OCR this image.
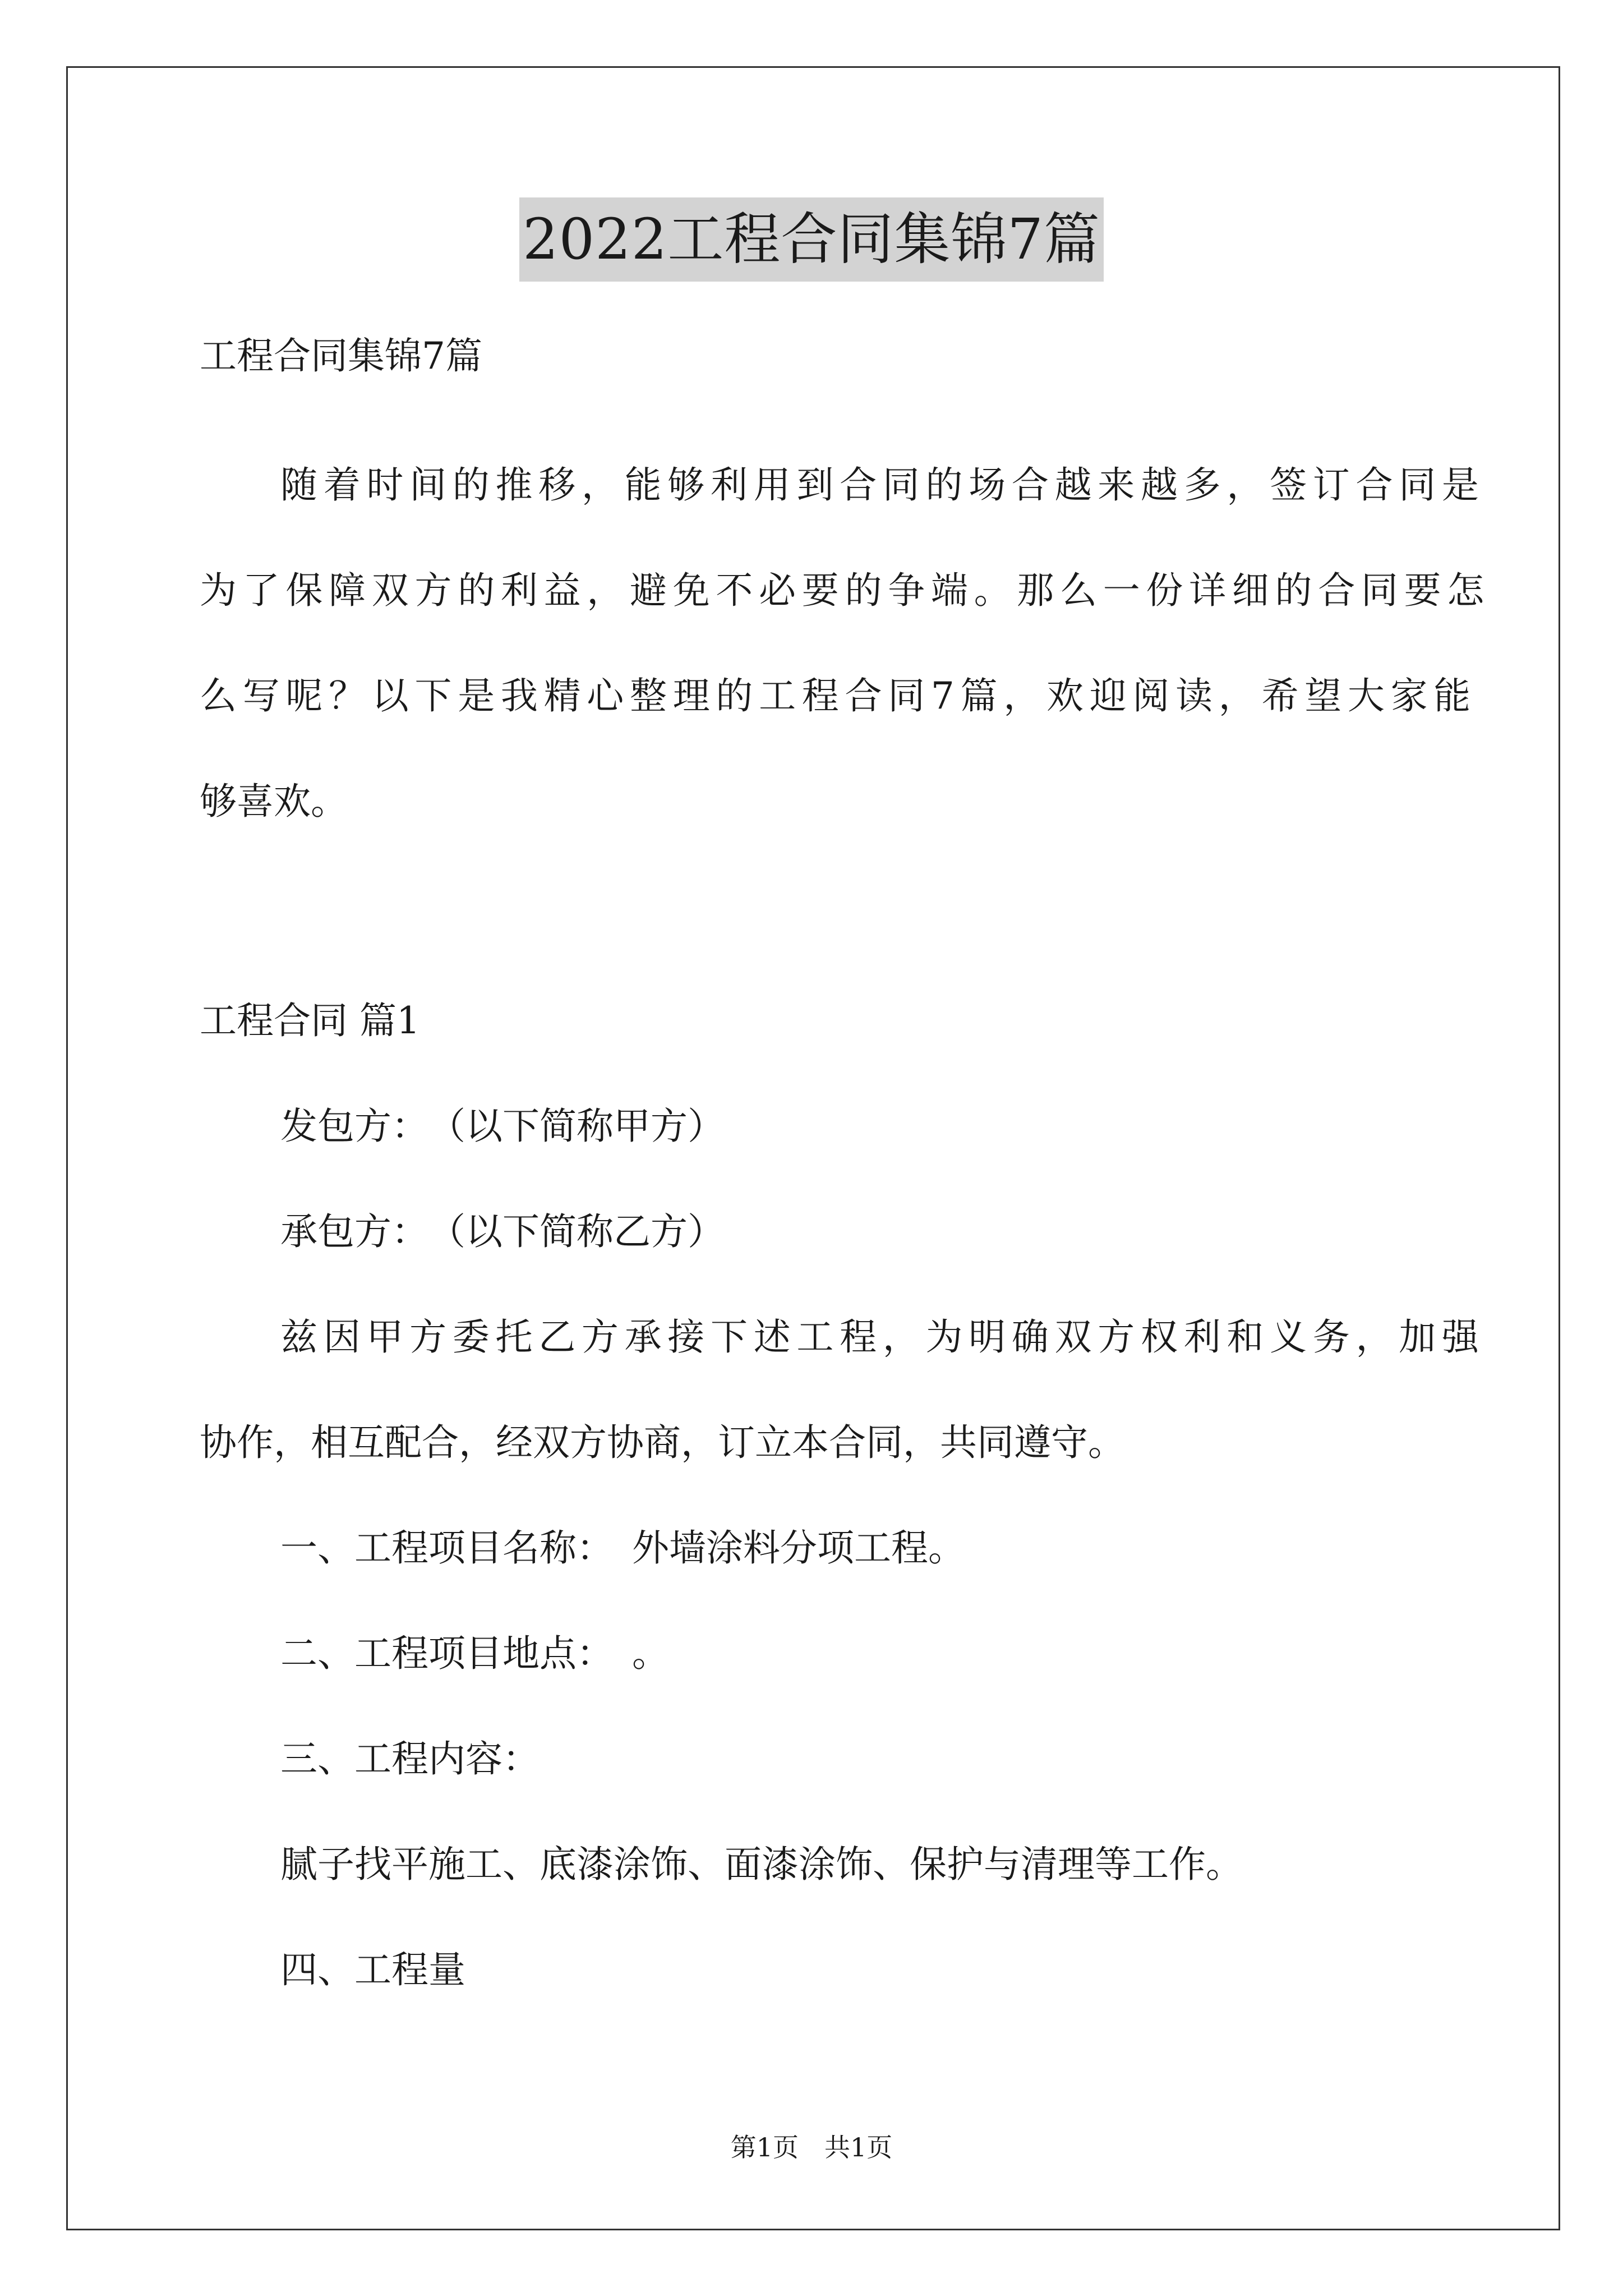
2022工程合同集锦7篇
工程合同集锦7篇
随着时间的推移，能够利用到合同的场合越来越多，签订合同是
为了保障双方的利益，避免不必要的争端。那么一份详细的合同要怎
么写呢？以下是我精心整理的工程合同7篇，欢迎阅读，希望大家能
够喜欢。
工程合同 篇1
发包方：　（以下简称甲方）
承包方：　（以下简称乙方）
兹因甲方委托乙方承接下述工程，为明确双方权利和义务，加强
协作，相互配合，经双方协商，订立本合同，共同遵守。
一、工程项目名称：　外墙涂料分项工程。
二、工程项目地点：　。
三、工程内容：
腻子找平施工、底漆涂饰、面漆涂饰、保护与清理等工作。
四、工程量
第1页　共1页
